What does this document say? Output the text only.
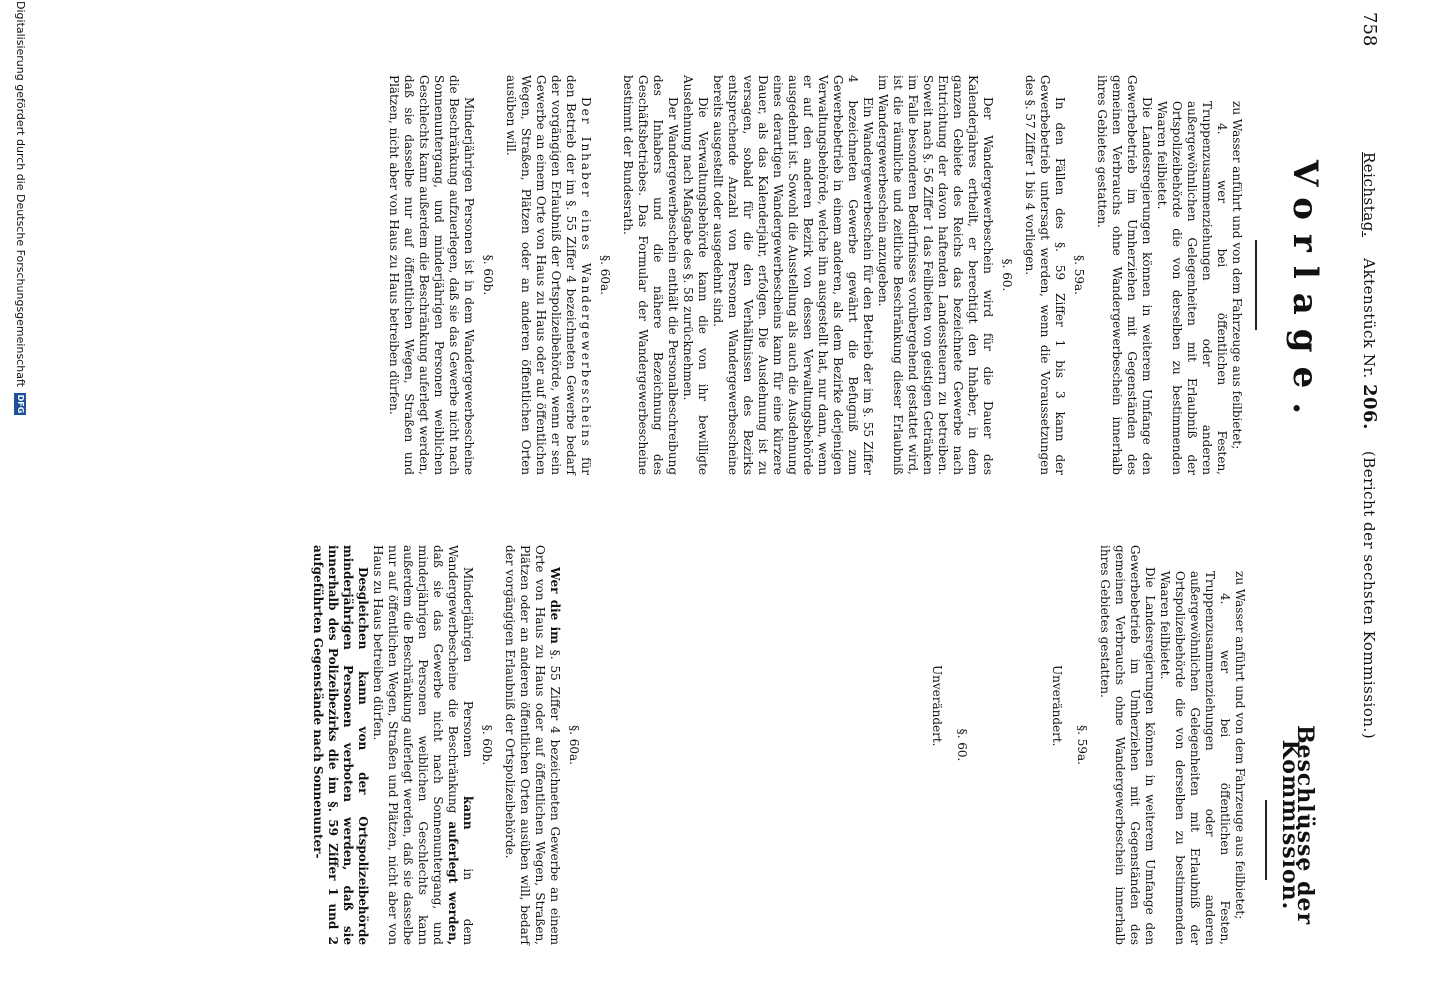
758
Reichstag.    Aktenstück Nr. 206.    (Bericht der sechsten Kommission.)
Vorlage.
Beschlüsse der Kommission.

zu Wasser anführt und von dem Fahrzeuge aus feilbietet;

4. wer bei öffentlichen Festen, Truppenzusammenziehungen oder anderen außergewöhnlichen Gelegenheiten mit Erlaubniß der Ortspolizeibehörde die von derselben zu bestimmenden Waaren feilbietet.

Die Landesregierungen können in weiterem Umfange den Gewerbebetrieb im Umherziehen mit Gegenständen des gemeinen Verbrauchs ohne Wandergewerbeschein innerhalb ihres Gebietes gestatten.

§. 59a.

In den Fällen des §. 59 Ziffer 1 bis 3 kann der Gewerbebetrieb untersagt werden, wenn die Voraussetzungen des §. 57 Ziffer 1 bis 4 vorliegen.

§. 60.

Der Wandergewerbeschein wird für die Dauer des Kalenderjahres ertheilt, er berechtigt den Inhaber, in dem ganzen Gebiete des Reichs das bezeichnete Gewerbe nach Entrichtung der davon haftenden Landessteuern zu betreiben. Soweit nach §. 56 Ziffer 1 das Feilbieten von geistigen Getränken im Falle besonderen Bedürfnisses vorübergehend gestattet wird, ist die räumliche und zeitliche Beschränkung dieser Erlaubniß im Wandergewerbeschein anzugeben.

Ein Wandergewerbeschein für den Betrieb der im §. 55 Ziffer 4 bezeichneten Gewerbe gewährt die Befugniß zum Gewerbebetrieb in einem anderen, als dem Bezirke derjenigen Verwaltungsbehörde, welche ihn ausgestellt hat, nur dann, wenn er auf den anderen Bezirk von dessen Verwaltungsbehörde ausgedehnt ist. Sowohl die Ausstellung als auch die Ausdehnung eines derartigen Wandergewerbescheins kann für eine kürzere Dauer, als das Kalenderjahr, erfolgen. Die Ausdehnung ist zu versagen, sobald für die den Verhältnissen des Bezirks entsprechende Anzahl von Personen Wandergewerbescheine bereits ausgestellt oder ausgedehnt sind.

Die Verwaltungsbehörde kann die von ihr bewilligte Ausdehnung nach Maßgabe des §. 58 zurücknehmen.

Der Wandergewerbeschein enthält die Personalbeschreibung des Inhabers und die nähere Bezeichnung des Geschäftsbetriebes. Das Formular der Wandergewerbescheine bestimmt der Bundesrath.

§. 60a.

Der Inhaber eines Wandergewerbescheins für den Betrieb der im §. 55 Ziffer 4 bezeichneten Gewerbe bedarf der vorgängigen Erlaubniß der Ortspolizeibehörde, wenn er sein Gewerbe an einem Orte von Haus zu Haus oder auf öffentlichen Wegen, Straßen, Plätzen oder an anderen öffentlichen Orten ausüben will.

§. 60b.

Minderjährigen Personen ist in dem Wandergewerbescheine die Beschränkung aufzuerlegen, daß sie das Gewerbe nicht nach Sonnenuntergang, und minderjährigen Personen weiblichen Geschlechts kann außerdem die Beschränkung auferlegt werden, daß sie dasselbe nur auf öffentlichen Wegen, Straßen und Plätzen, nicht aber von Haus zu Haus betreiben dürfen.

zu Wasser anführt und von dem Fahrzeuge aus feilbietet;

4. wer bei öffentlichen Festen, Truppenzusammenziehungen oder anderen außergewöhnlichen Gelegenheiten mit Erlaubniß der Ortspolizeibehörde die von derselben zu bestimmenden Waaren feilbietet.

Die Landesregierungen können in weiterem Umfange den Gewerbebetrieb im Umherziehen mit Gegenständen des gemeinen Verbrauchs ohne Wandergewerbeschein innerhalb ihres Gebietes gestatten.

§. 59a.
Unverändert.
§. 60.
Unverändert.
§. 60a.

Wer die im §. 55 Ziffer 4 bezeichneten Gewerbe an einem Orte von Haus zu Haus oder auf öffentlichen Wegen, Straßen, Plätzen oder an anderen öffentlichen Orten ausüben will, bedarf der vorgängigen Erlaubniß der Ortspolizeibehörde.

§. 60b.

Minderjährigen Personen kann in dem Wandergewerbescheine die Beschränkung auferlegt werden, daß sie das Gewerbe nicht nach Sonnenuntergang, und minderjährigen Personen weiblichen Geschlechts kann außerdem die Beschränkung auferlegt werden, daß sie dasselbe nur auf öffentlichen Wegen, Straßen und Plätzen, nicht aber von Haus zu Haus betreiben dürfen.

Desgleichen kann von der Ortspolizeibehörde minderjährigen Personen verboten werden, daß sie innerhalb des Polizeibezirks die im §. 59 Ziffer 1 und 2 aufgeführten Gegenstände nach Sonnenunter-

Digitalisierung gefördert durch die Deutsche Forschungsgemeinschaft
DFG
